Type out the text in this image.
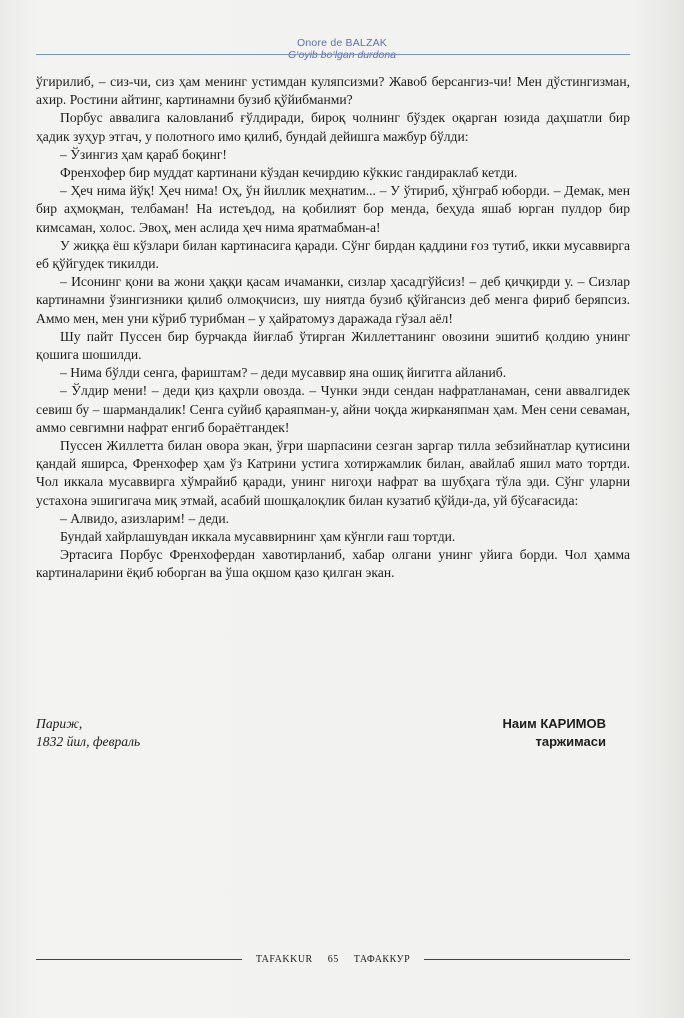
Onore de BALZAK
G‘oyib bo‘lgan durdona

ўгирилиб, – сиз-чи, сиз ҳам менинг устимдан куляпсизми? Жавоб берсангиз-чи! Мен дўстингизман, ахир. Ростини айтинг, картинамни бузиб қўйибманми?

Порбус аввалига каловланиб ғўлдиради, бироқ чолнинг бўздек оқарган юзида даҳшатли бир ҳадик зуҳур этгач, у полотного имо қилиб, бундай дейишга мажбур бўлди:

– Ўзингиз ҳам қараб боқинг!

Френхофер бир муддат картинани кўздан кечирдию кўккис гандираклаб кетди.

– Ҳеч нима йўқ! Ҳеч нима! Оҳ, ўн йиллик меҳнатим... – У ўтириб, ҳўнграб юборди. – Демак, мен бир аҳмоқман, телбаман! На истеъдод, на қобилият бор менда, беҳуда яшаб юрган пулдор бир кимсаман, холос. Эвоҳ, мен аслида ҳеч нима яратмабман-а!

У жиққа ёш кўзлари билан картинасига қаради. Сўнг бирдан қаддини ғоз тутиб, икки мусаввирга еб қўйгудек тикилди.

– Исонинг қони ва жони ҳаққи қасам ичаманки, сизлар ҳасадгўйсиз! – деб қичқирди у. – Сизлар картинамни ўзингизники қилиб олмоқчисиз, шу ниятда бузиб қўйгансиз деб менга фириб беряпсиз. Аммо мен, мен уни кўриб турибман – у ҳайратомуз даражада гўзал аёл!

Шу пайт Пуссен бир бурчакда йиғлаб ўтирган Жиллеттанинг овозини эшитиб қолдию унинг қошига шошилди.

– Нима бўлди сенга, фариштам? – деди мусаввир яна ошиқ йигитга айланиб.

– Ўлдир мени! – деди қиз қаҳрли овозда. – Чунки энди сендан нафратланаман, сени аввалгидек севиш бу – шармандалик! Сенга суйиб қараяпман-у, айни чоқда жирканяпман ҳам. Мен сени севаман, аммо севгимни нафрат енгиб бораётгандек!

Пуссен Жиллетта билан овора экан, ўғри шарпасини сезган заргар тилла зебзийнатлар қутисини қандай яширса, Френхофер ҳам ўз Катрини устига хотиржамлик билан, авайлаб яшил мато тортди. Чол иккала мусаввирга хўмрайиб қаради, унинг нигоҳи нафрат ва шубҳага тўла эди. Сўнг уларни устахона эшигигача миқ этмай, асабий шошқалоқлик билан кузатиб қўйди-да, уй бўсағасида:

– Алвидо, азизларим! – деди.

Бундай хайрлашувдан иккала мусаввирнинг ҳам кўнгли ғаш тортди.

Эртасига Порбус Френхофердан хавотирланиб, хабар олгани унинг уйига борди. Чол ҳамма картиналарини ёқиб юборган ва ўша оқшом қазо қилган экан.

Париж,
1832 йил, февраль
Наим КАРИМОВ
таржимаси
TAFAKKUR 65 ТАФАККУР
